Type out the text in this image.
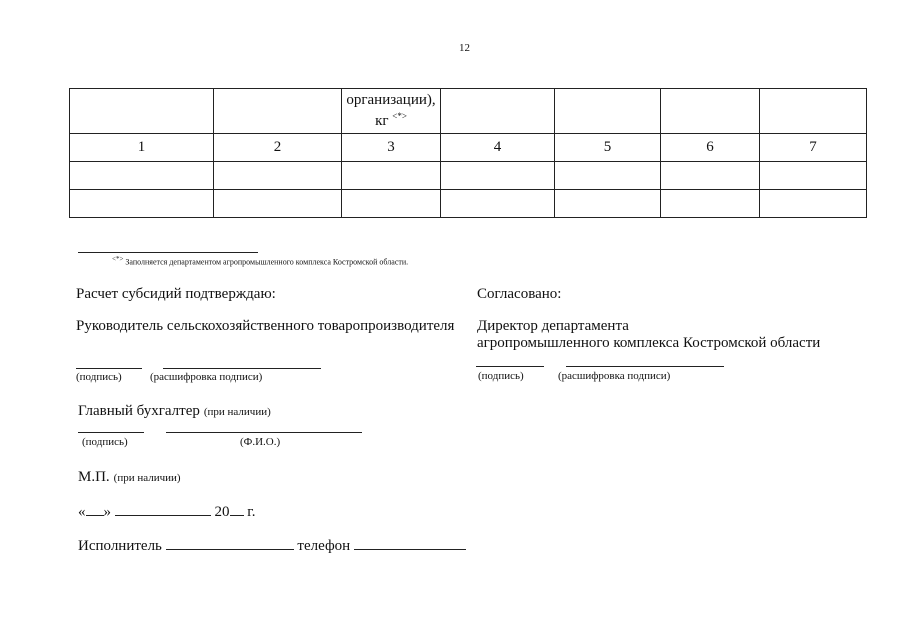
12
		организации),
кг <*>				
1	2	3	4	5	6	7

<*> Заполняется департаментом агропромышленного комплекса Костромской области.
Расчет субсидий подтверждаю:
Руководитель сельскохозяйственного товаропроизводителя
(подпись)	(расшифровка подписи)
Согласовано:
Директор департамента
агропромышленного комплекса Костромской области
(подпись)	(расшифровка подписи)
Главный бухгалтер (при наличии)
(подпись)	(Ф.И.О.)
М.П. (при наличии)
« »	20 г.
Исполнитель	телефон
